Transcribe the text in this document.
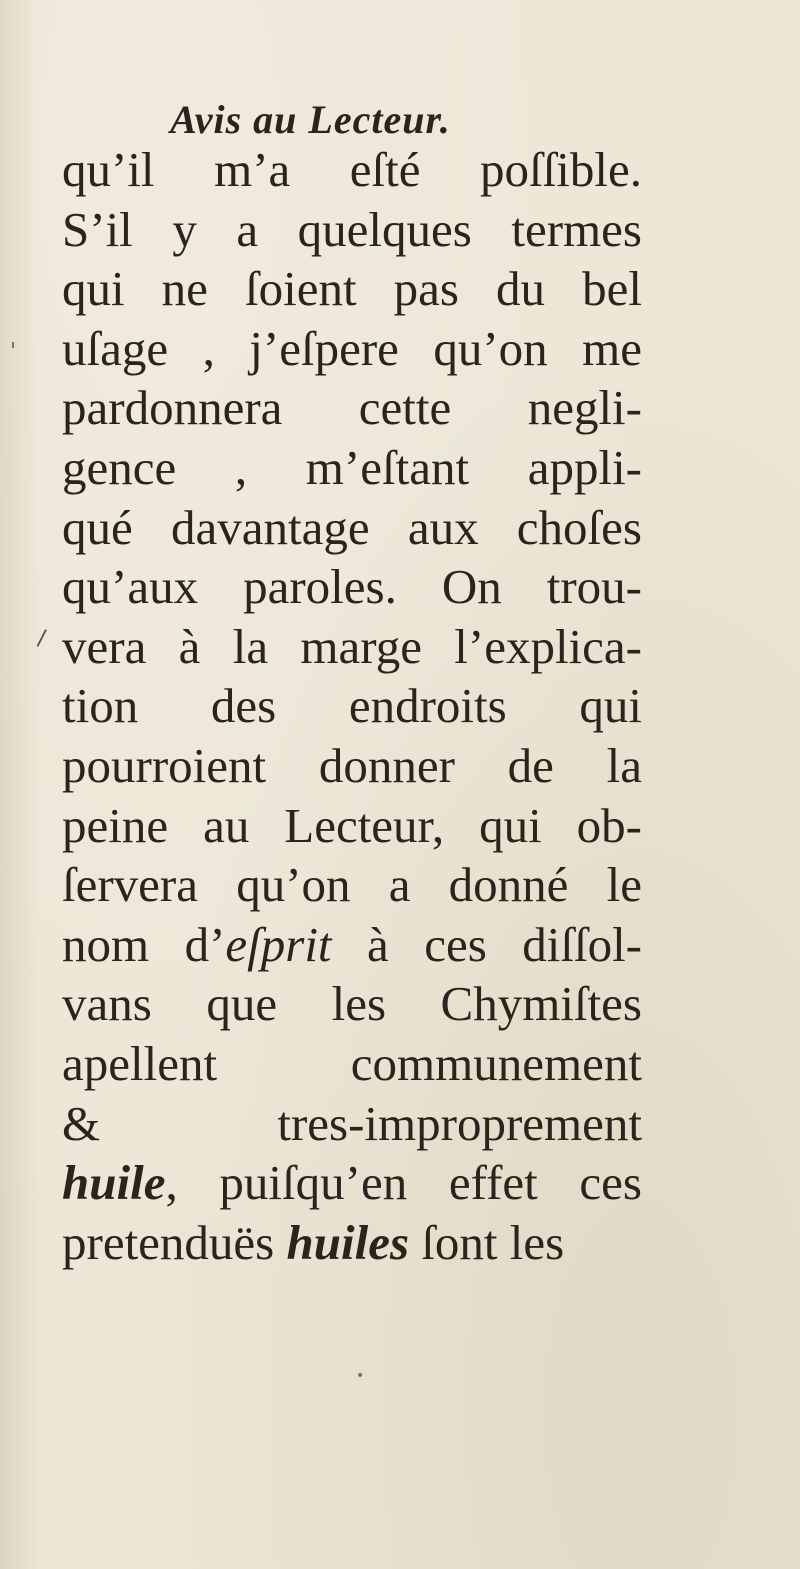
Avis au Lecteur.
qu’il m’a eſté poſſible.
S’il y a quelques termes
qui ne ſoient pas du bel
uſage , j’eſpere qu’on me
pardonnera cette negli-
gence , m’eſtant appli-
qué davantage aux choſes
qu’aux paroles. On trou-
vera à la marge l’explica-
tion des endroits qui
pourroient donner de la
peine au Lecteur, qui ob-
ſervera qu’on a donné le
nom d’eſprit à ces diſſol-
vans que les Chymiſtes
apellent communement
& tres-improprement
huile, puiſqu’en effet ces
pretenduës huiles ſont les
ˈ
∕
•
